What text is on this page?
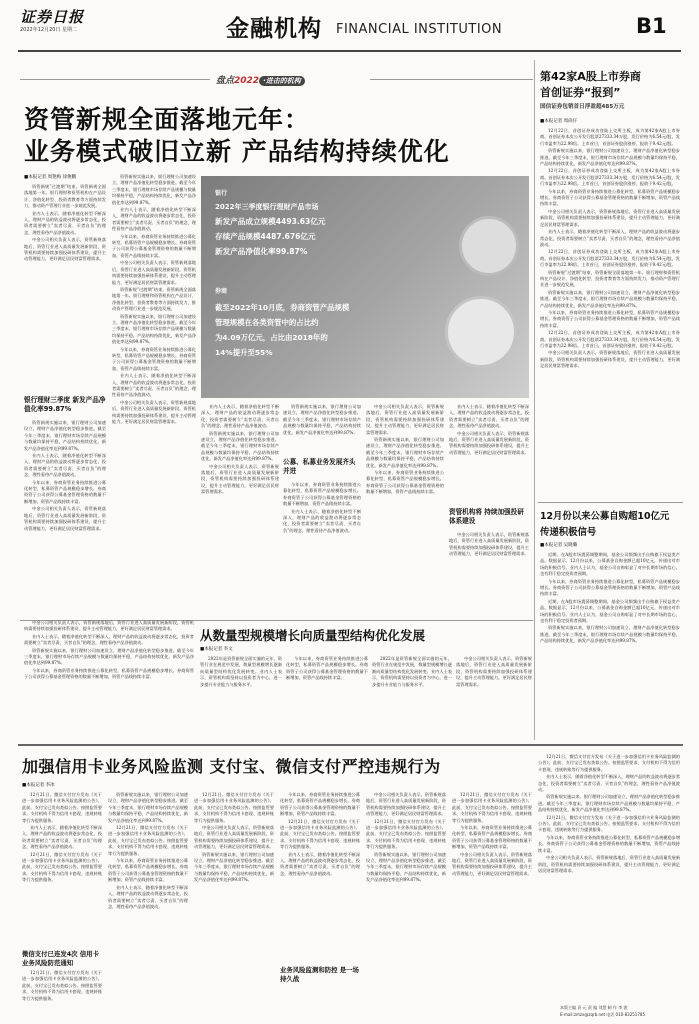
证券日报
2022年12月20日 星期二	金融机构 FINANCIAL INSTITUTION	B1
盘点2022 ·进击的机构
资管新规全面落地元年：
业务模式破旧立新 产品结构持续优化
■本报记者 周艳梅 徐俊鹏

资管新规“过渡期”结束，资管新规全面落地第一年。银行理财和资管机构在产品设计、净值化转型、投资者教育等方面持续发力，推动资产管理行业进一步规范发展。

业内人士表示，随着净值化转型不断深入，理财产品的收益波动将逐步常态化，投资者需要树立“卖者尽责、买者自负”的理念，理性看待产品净值波动。

中金公司相关负责人表示，资管新规落地后，资管行业进入高质量发展新阶段，资管机构需要持续加强投研体系建设，提升主动管理能力，更好满足居民财富管理需求。

银行理财三季度 新发产品净值化率99.87%

资管新规实施以来，银行理财公司加速设立，理财产品净值化转型稳步推进。截至今年三季度末，银行理财市场存续产品规模与数量均保持平稳，产品结构持续优化，新发产品净值化率达到99.87%。

业内人士表示，随着净值化转型不断深入，理财产品的收益波动将逐步常态化，投资者需要树立“卖者尽责、买者自负”的理念，理性看待产品净值波动。

今年以来，券商资管业务持续推进公募化转型，私募资管产品规模稳步增长。券商资管子公司获得公募基金管理资格的数量不断增加，资管产品线持续丰富。

中金公司相关负责人表示，资管新规落地后，资管行业进入高质量发展新阶段，资管机构需要持续加强投研体系建设，提升主动管理能力，更好满足居民财富管理需求。

资管新规实施以来，银行理财公司加速设立，理财产品净值化转型稳步推进。截至今年三季度末，银行理财市场存续产品规模与数量均保持平稳，产品结构持续优化，新发产品净值化率达到99.87%。

业内人士表示，随着净值化转型不断深入，理财产品的收益波动将逐步常态化，投资者需要树立“卖者尽责、买者自负”的理念，理性看待产品净值波动。

今年以来，券商资管业务持续推进公募化转型，私募资管产品规模稳步增长。券商资管子公司获得公募基金管理资格的数量不断增加，资管产品线持续丰富。

中金公司相关负责人表示，资管新规落地后，资管行业进入高质量发展新阶段，资管机构需要持续加强投研体系建设，提升主动管理能力，更好满足居民财富管理需求。

资管新规“过渡期”结束，资管新规全面落地第一年。银行理财和资管机构在产品设计、净值化转型、投资者教育等方面持续发力，推动资产管理行业进一步规范发展。

资管新规实施以来，银行理财公司加速设立，理财产品净值化转型稳步推进。截至今年三季度末，银行理财市场存续产品规模与数量均保持平稳，产品结构持续优化，新发产品净值化率达到99.87%。

今年以来，券商资管业务持续推进公募化转型，私募资管产品规模稳步增长。券商资管子公司获得公募基金管理资格的数量不断增加，资管产品线持续丰富。

业内人士表示，随着净值化转型不断深入，理财产品的收益波动将逐步常态化，投资者需要树立“卖者尽责、买者自负”的理念，理性看待产品净值波动。

中金公司相关负责人表示，资管新规落地后，资管行业进入高质量发展新阶段，资管机构需要持续加强投研体系建设，提升主动管理能力，更好满足居民财富管理需求。

银行
2022年三季度银行理财产品市场
新发产品成立规模4493.63亿元
存续产品规模4487.676亿元
新发产品净值化率99.87%
券商
截至2022年10月底，券商资管产品规模
管理规模在各类资管中的占比约
为4.09万亿元，占比由2018年的
14%提升至55%

业内人士表示，随着净值化转型不断深入，理财产品的收益波动将逐步常态化，投资者需要树立“卖者尽责、买者自负”的理念，理性看待产品净值波动。

资管新规实施以来，银行理财公司加速设立，理财产品净值化转型稳步推进。截至今年三季度末，银行理财市场存续产品规模与数量均保持平稳，产品结构持续优化，新发产品净值化率达到99.87%。

中金公司相关负责人表示，资管新规落地后，资管行业进入高质量发展新阶段，资管机构需要持续加强投研体系建设，提升主动管理能力，更好满足居民财富管理需求。

公募、私募业务发展齐头并进

资管新规实施以来，银行理财公司加速设立，理财产品净值化转型稳步推进。截至今年三季度末，银行理财市场存续产品规模与数量均保持平稳，产品结构持续优化，新发产品净值化率达到99.87%。

今年以来，券商资管业务持续推进公募化转型，私募资管产品规模稳步增长。券商资管子公司获得公募基金管理资格的数量不断增加，资管产品线持续丰富。

业内人士表示，随着净值化转型不断深入，理财产品的收益波动将逐步常态化，投资者需要树立“卖者尽责、买者自负”的理念，理性看待产品净值波动。

中金公司相关负责人表示，资管新规落地后，资管行业进入高质量发展新阶段，资管机构需要持续加强投研体系建设，提升主动管理能力，更好满足居民财富管理需求。

资管新规实施以来，银行理财公司加速设立，理财产品净值化转型稳步推进。截至今年三季度末，银行理财市场存续产品规模与数量均保持平稳，产品结构持续优化，新发产品净值化率达到99.87%。

今年以来，券商资管业务持续推进公募化转型，私募资管产品规模稳步增长。券商资管子公司获得公募基金管理资格的数量不断增加，资管产品线持续丰富。

业内人士表示，随着净值化转型不断深入，理财产品的收益波动将逐步常态化，投资者需要树立“卖者尽责、买者自负”的理念，理性看待产品净值波动。

中金公司相关负责人表示，资管新规落地后，资管行业进入高质量发展新阶段，资管机构需要持续加强投研体系建设，提升主动管理能力，更好满足居民财富管理需求。

资管机构将 持续加强投研体系建设

中金公司相关负责人表示，资管新规落地后，资管行业进入高质量发展新阶段，资管机构需要持续加强投研体系建设，提升主动管理能力，更好满足居民财富管理需求。

第42家A股上市券商
首创证券“报到”
国信证券包销首日浮盈超485万元
■本报记者 周尚仔

12月22日，首创证券成功登陆上交所主板，成为第42家A股上市券商。首创证券本次公开发行股票27333.34万股，发行价格为6.54元/股，发行市盈率为22.98倍。上市首日，首创证券股价涨停，报收于9.42元/股。

资管新规实施以来，银行理财公司加速设立，理财产品净值化转型稳步推进。截至今年三季度末，银行理财市场存续产品规模与数量均保持平稳，产品结构持续优化，新发产品净值化率达到99.87%。

12月22日，首创证券成功登陆上交所主板，成为第42家A股上市券商。首创证券本次公开发行股票27333.34万股，发行价格为6.54元/股，发行市盈率为22.98倍。上市首日，首创证券股价涨停，报收于9.42元/股。

今年以来，券商资管业务持续推进公募化转型，私募资管产品规模稳步增长。券商资管子公司获得公募基金管理资格的数量不断增加，资管产品线持续丰富。

中金公司相关负责人表示，资管新规落地后，资管行业进入高质量发展新阶段，资管机构需要持续加强投研体系建设，提升主动管理能力，更好满足居民财富管理需求。

业内人士表示，随着净值化转型不断深入，理财产品的收益波动将逐步常态化，投资者需要树立“卖者尽责、买者自负”的理念，理性看待产品净值波动。

12月22日，首创证券成功登陆上交所主板，成为第42家A股上市券商。首创证券本次公开发行股票27333.34万股，发行价格为6.54元/股，发行市盈率为22.98倍。上市首日，首创证券股价涨停，报收于9.42元/股。

资管新规“过渡期”结束，资管新规全面落地第一年。银行理财和资管机构在产品设计、净值化转型、投资者教育等方面持续发力，推动资产管理行业进一步规范发展。

资管新规实施以来，银行理财公司加速设立，理财产品净值化转型稳步推进。截至今年三季度末，银行理财市场存续产品规模与数量均保持平稳，产品结构持续优化，新发产品净值化率达到99.87%。

今年以来，券商资管业务持续推进公募化转型，私募资管产品规模稳步增长。券商资管子公司获得公募基金管理资格的数量不断增加，资管产品线持续丰富。

12月22日，首创证券成功登陆上交所主板，成为第42家A股上市券商。首创证券本次公开发行股票27333.34万股，发行价格为6.54元/股，发行市盈率为22.98倍。上市首日，首创证券股价涨停，报收于9.42元/股。

中金公司相关负责人表示，资管新规落地后，资管行业进入高质量发展新阶段，资管机构需要持续加强投研体系建设，提升主动管理能力，更好满足居民财富管理需求。

12月份以来公募自购超10亿元
传递积极信号
■本报记者 吴晓璐

近期，在A股市场震荡调整期间，基金公司频频出手自购旗下权益类产品。数据显示，12月份以来，公募基金自购金额已超10亿元，传递出对市场的积极信号。业内人士认为，基金公司自购彰显了对中长期市场的信心，也有利于稳定投资者预期。

今年以来，券商资管业务持续推进公募化转型，私募资管产品规模稳步增长。券商资管子公司获得公募基金管理资格的数量不断增加，资管产品线持续丰富。

近期，在A股市场震荡调整期间，基金公司频频出手自购旗下权益类产品。数据显示，12月份以来，公募基金自购金额已超10亿元，传递出对市场的积极信号。业内人士认为，基金公司自购彰显了对中长期市场的信心，也有利于稳定投资者预期。

资管新规实施以来，银行理财公司加速设立，理财产品净值化转型稳步推进。截至今年三季度末，银行理财市场存续产品规模与数量均保持平稳，产品结构持续优化，新发产品净值化率达到99.87%。

从数量型规模增长向质量型结构优化发展
■本报记者 李文

中金公司相关负责人表示，资管新规落地后，资管行业进入高质量发展新阶段，资管机构需要持续加强投研体系建设，提升主动管理能力，更好满足居民财富管理需求。

业内人士表示，随着净值化转型不断深入，理财产品的收益波动将逐步常态化，投资者需要树立“卖者尽责、买者自负”的理念，理性看待产品净值波动。

资管新规实施以来，银行理财公司加速设立，理财产品净值化转型稳步推进。截至今年三季度末，银行理财市场存续产品规模与数量均保持平稳，产品结构持续优化，新发产品净值化率达到99.87%。

今年以来，券商资管业务持续推进公募化转型，私募资管产品规模稳步增长。券商资管子公司获得公募基金管理资格的数量不断增加，资管产品线持续丰富。

2022年是资管新规全面实施的元年，资管行业在规范中发展，数量型规模增长逐渐向质量型结构优化发展转变。业内人士表示，资管机构需坚持以投资者为中心，进一步提升专业能力与服务水平。

今年以来，券商资管业务持续推进公募化转型，私募资管产品规模稳步增长。券商资管子公司获得公募基金管理资格的数量不断增加，资管产品线持续丰富。

2022年是资管新规全面实施的元年，资管行业在规范中发展，数量型规模增长逐渐向质量型结构优化发展转变。业内人士表示，资管机构需坚持以投资者为中心，进一步提升专业能力与服务水平。

中金公司相关负责人表示，资管新规落地后，资管行业进入高质量发展新阶段，资管机构需要持续加强投研体系建设，提升主动管理能力，更好满足居民财富管理需求。

加强信用卡业务风险监测 支付宝、微信支付严控违规行为
■本报记者 李冰

12月21日，微信支付官方发布《关于进一步加强信用卡业务风险监测的公告》。此前，支付宝已发布类似公告。按照监管要求，支付机构不得为信用卡套现、违规转账等行为提供服务。

业内人士表示，随着净值化转型不断深入，理财产品的收益波动将逐步常态化，投资者需要树立“卖者尽责、买者自负”的理念，理性看待产品净值波动。

12月21日，微信支付官方发布《关于进一步加强信用卡业务风险监测的公告》。此前，支付宝已发布类似公告。按照监管要求，支付机构不得为信用卡套现、违规转账等行为提供服务。

微信支付已连发4次 信用卡业务风险防范通知

12月21日，微信支付官方发布《关于进一步加强信用卡业务风险监测的公告》。此前，支付宝已发布类似公告。按照监管要求，支付机构不得为信用卡套现、违规转账等行为提供服务。

资管新规实施以来，银行理财公司加速设立，理财产品净值化转型稳步推进。截至今年三季度末，银行理财市场存续产品规模与数量均保持平稳，产品结构持续优化，新发产品净值化率达到99.87%。

12月21日，微信支付官方发布《关于进一步加强信用卡业务风险监测的公告》。此前，支付宝已发布类似公告。按照监管要求，支付机构不得为信用卡套现、违规转账等行为提供服务。

今年以来，券商资管业务持续推进公募化转型，私募资管产品规模稳步增长。券商资管子公司获得公募基金管理资格的数量不断增加，资管产品线持续丰富。

业内人士表示，随着净值化转型不断深入，理财产品的收益波动将逐步常态化，投资者需要树立“卖者尽责、买者自负”的理念，理性看待产品净值波动。

12月21日，微信支付官方发布《关于进一步加强信用卡业务风险监测的公告》。此前，支付宝已发布类似公告。按照监管要求，支付机构不得为信用卡套现、违规转账等行为提供服务。

中金公司相关负责人表示，资管新规落地后，资管行业进入高质量发展新阶段，资管机构需要持续加强投研体系建设，提升主动管理能力，更好满足居民财富管理需求。

资管新规实施以来，银行理财公司加速设立，理财产品净值化转型稳步推进。截至今年三季度末，银行理财市场存续产品规模与数量均保持平稳，产品结构持续优化，新发产品净值化率达到99.87%。

今年以来，券商资管业务持续推进公募化转型，私募资管产品规模稳步增长。券商资管子公司获得公募基金管理资格的数量不断增加，资管产品线持续丰富。

12月21日，微信支付官方发布《关于进一步加强信用卡业务风险监测的公告》。此前，支付宝已发布类似公告。按照监管要求，支付机构不得为信用卡套现、违规转账等行为提供服务。

业内人士表示，随着净值化转型不断深入，理财产品的收益波动将逐步常态化，投资者需要树立“卖者尽责、买者自负”的理念，理性看待产品净值波动。

业务风险监测和防控 是一场持久战

中金公司相关负责人表示，资管新规落地后，资管行业进入高质量发展新阶段，资管机构需要持续加强投研体系建设，提升主动管理能力，更好满足居民财富管理需求。

12月21日，微信支付官方发布《关于进一步加强信用卡业务风险监测的公告》。此前，支付宝已发布类似公告。按照监管要求，支付机构不得为信用卡套现、违规转账等行为提供服务。

资管新规实施以来，银行理财公司加速设立，理财产品净值化转型稳步推进。截至今年三季度末，银行理财市场存续产品规模与数量均保持平稳，产品结构持续优化，新发产品净值化率达到99.87%。

12月21日，微信支付官方发布《关于进一步加强信用卡业务风险监测的公告》。此前，支付宝已发布类似公告。按照监管要求，支付机构不得为信用卡套现、违规转账等行为提供服务。

今年以来，券商资管业务持续推进公募化转型，私募资管产品规模稳步增长。券商资管子公司获得公募基金管理资格的数量不断增加，资管产品线持续丰富。

中金公司相关负责人表示，资管新规落地后，资管行业进入高质量发展新阶段，资管机构需要持续加强投研体系建设，提升主动管理能力，更好满足居民财富管理需求。

12月21日，微信支付官方发布《关于进一步加强信用卡业务风险监测的公告》。此前，支付宝已发布类似公告。按照监管要求，支付机构不得为信用卡套现、违规转账等行为提供服务。

业内人士表示，随着净值化转型不断深入，理财产品的收益波动将逐步常态化，投资者需要树立“卖者尽责、买者自负”的理念，理性看待产品净值波动。

资管新规实施以来，银行理财公司加速设立，理财产品净值化转型稳步推进。截至今年三季度末，银行理财市场存续产品规模与数量均保持平稳，产品结构持续优化，新发产品净值化率达到99.87%。

12月21日，微信支付官方发布《关于进一步加强信用卡业务风险监测的公告》。此前，支付宝已发布类似公告。按照监管要求，支付机构不得为信用卡套现、违规转账等行为提供服务。

今年以来，券商资管业务持续推进公募化转型，私募资管产品规模稳步增长。券商资管子公司获得公募基金管理资格的数量不断增加，资管产品线持续丰富。

中金公司相关负责人表示，资管新规落地后，资管行业进入高质量发展新阶段，资管机构需要持续加强投研体系建设，提升主动管理能力，更好满足居民财富管理需求。

本版主编 袁 元 责 编 刘慧 制 作 李 波
E-mail:zmzx@zqrb.net 电话 010-83251785
